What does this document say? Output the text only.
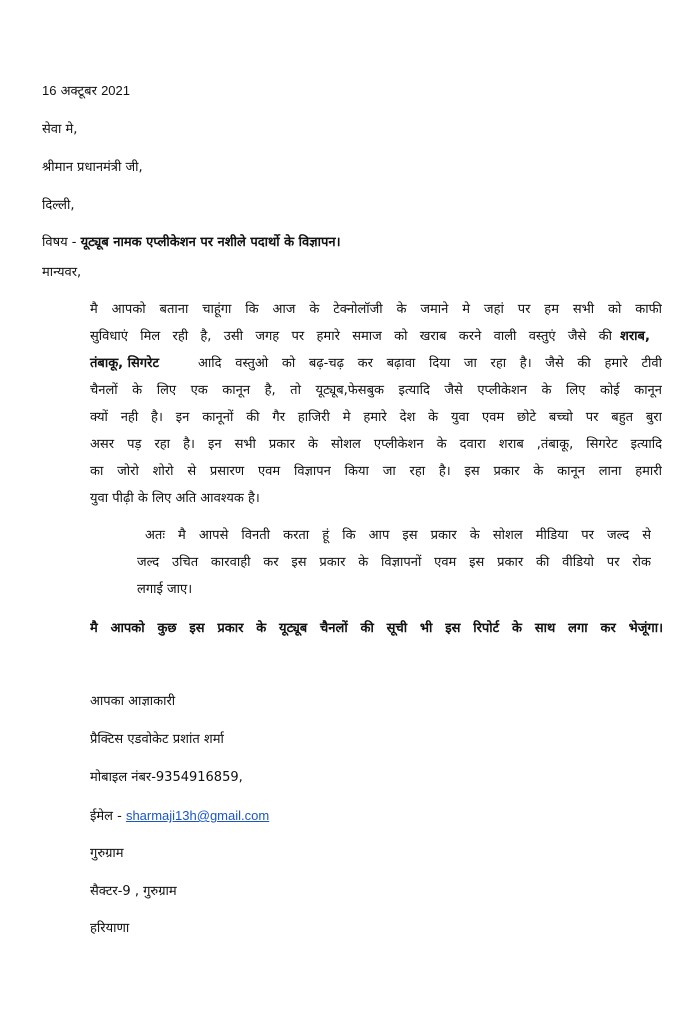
16 अक्टूबर 2021
सेवा मे,
श्रीमान प्रधानमंत्री जी,
दिल्ली,
विषय - यूट्यूब नामक एप्लीकेशन पर नशीले पदार्थो के विज्ञापन।
मान्यवर,
मै आपको बताना चाहूंगा कि आज के टेक्नोलॉजी के जमाने मे जहां पर हम सभी को काफी
सुविधाएं मिल रही है, उसी जगह पर हमारे समाज को खराब करने वाली वस्तुएं जैसे की शराब,
तंबाकू, सिगरेट	आदि वस्तुओ को बढ़-चढ़ कर बढ़ावा दिया जा रहा है। जैसे की हमारे टीवी
चैनलों के लिए एक कानून है, तो यूट्यूब,फेसबुक इत्यादि जैसे एप्लीकेशन के लिए कोई कानून
क्यों नही है। इन कानूनों की गैर हाजिरी मे हमारे देश के युवा एवम छोटे बच्चो पर बहुत बुरा
असर पड़ रहा है। इन सभी प्रकार के सोशल एप्लीकेशन के दवारा शराब ,तंबाकू, सिगरेट इत्यादि
का जोरो शोरो से प्रसारण एवम विज्ञापन किया जा रहा है। इस प्रकार के कानून लाना हमारी
युवा पीढ़ी के लिए अति आवश्यक है।
अतः मै आपसे विनती करता हूं कि आप इस प्रकार के सोशल मीडिया पर जल्द से
जल्द उचित कारवाही कर इस प्रकार के विज्ञापनों एवम इस प्रकार की वीडियो पर रोक
लगाई जाए।
मै आपको कुछ इस प्रकार के यूट्यूब चैनलों की सूची भी इस रिपोर्ट के साथ लगा कर भेजूंगा।
आपका आज्ञाकारी
प्रैक्टिस एडवोकेट प्रशांत शर्मा
मोबाइल नंबर-9354916859,
ईमेल - sharmaji13h@gmail.com
गुरुग्राम
सैक्टर-9 , गुरुग्राम
हरियाणा
